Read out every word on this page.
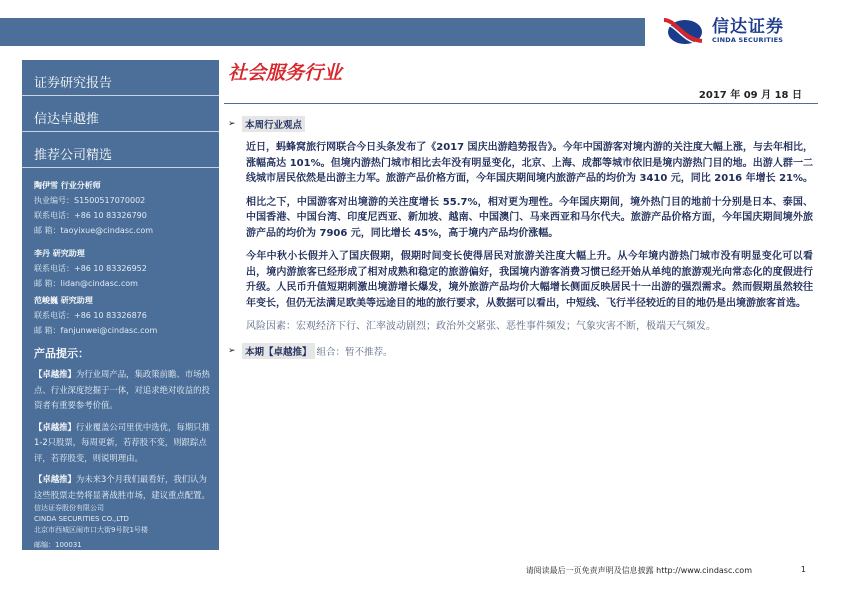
信达证券
CINDA SECURITIES
证券研究报告
信达卓越推
推荐公司精选
陶伊雪 行业分析师
执业编号：S1500517070002
联系电话：+86 10 83326790
邮 箱：taoyixue@cindasc.com
李丹 研究助理
联系电话：+86 10 83326952
邮 箱：lidan@cindasc.com
范峻巍 研究助理
联系电话：+86 10 83326876
邮 箱：fanjunwei@cindasc.com
产品提示：
【卓越推】为行业周产品，集政策前瞻、市场热点、行业深度挖掘于一体，对追求绝对收益的投资者有重要参考价值。
【卓越推】行业覆盖公司里优中选优，每期只推1-2只股票，每周更新，若荐股不变，则跟踪点评，若荐股变，则说明理由。
【卓越推】为未来3个月我们最看好，我们认为这些股票走势将显著战胜市场，建议重点配置。
信达证券股份有限公司
CINDA SECURITIES CO.,LTD
北京市西城区闹市口大街9号院1号楼
邮编：100031
社会服务行业
2017 年 09 月 18 日
➢ 本周行业观点

近日，蚂蜂窝旅行网联合今日头条发布了《2017 国庆出游趋势报告》。今年中国游客对境内游的关注度大幅上涨，与去年相比，涨幅高达 101%。但境内游热门城市相比去年没有明显变化，北京、上海、成都等城市依旧是境内游热门目的地。出游人群一二线城市居民依然是出游主力军。旅游产品价格方面，今年国庆期间境内旅游产品的均价为 3410 元，同比 2016 年增长 21%。

相比之下，中国游客对出境游的关注度增长 55.7%，相对更为理性。今年国庆期间，境外热门目的地前十分别是日本、泰国、中国香港、中国台湾、印度尼西亚、新加坡、越南、中国澳门、马来西亚和马尔代夫。旅游产品价格方面，今年国庆期间境外旅游产品的均价为 7906 元，同比增长 45%，高于境内产品均价涨幅。

今年中秋小长假并入了国庆假期，假期时间变长使得居民对旅游关注度大幅上升。从今年境内游热门城市没有明显变化可以看出，境内游旅客已经形成了相对成熟和稳定的旅游偏好，我国境内游客消费习惯已经开始从单纯的旅游观光向常态化的度假进行升级。人民币升值短期刺激出境游增长爆发，境外旅游产品均价大幅增长侧面反映居民十一出游的强烈需求。然而假期虽然较往年变长，但仍无法满足欧美等远途目的地的旅行要求，从数据可以看出，中短线、飞行半径较近的目的地仍是出境游旅客首选。

风险因素：宏观经济下行、汇率波动剧烈；政治外交紧张、恶性事件频发；气象灾害不断，极端天气频发。

➢ 本期【卓越推】 组合：暂不推荐。
请阅读最后一页免责声明及信息披露 http://www.cindasc.com	1
